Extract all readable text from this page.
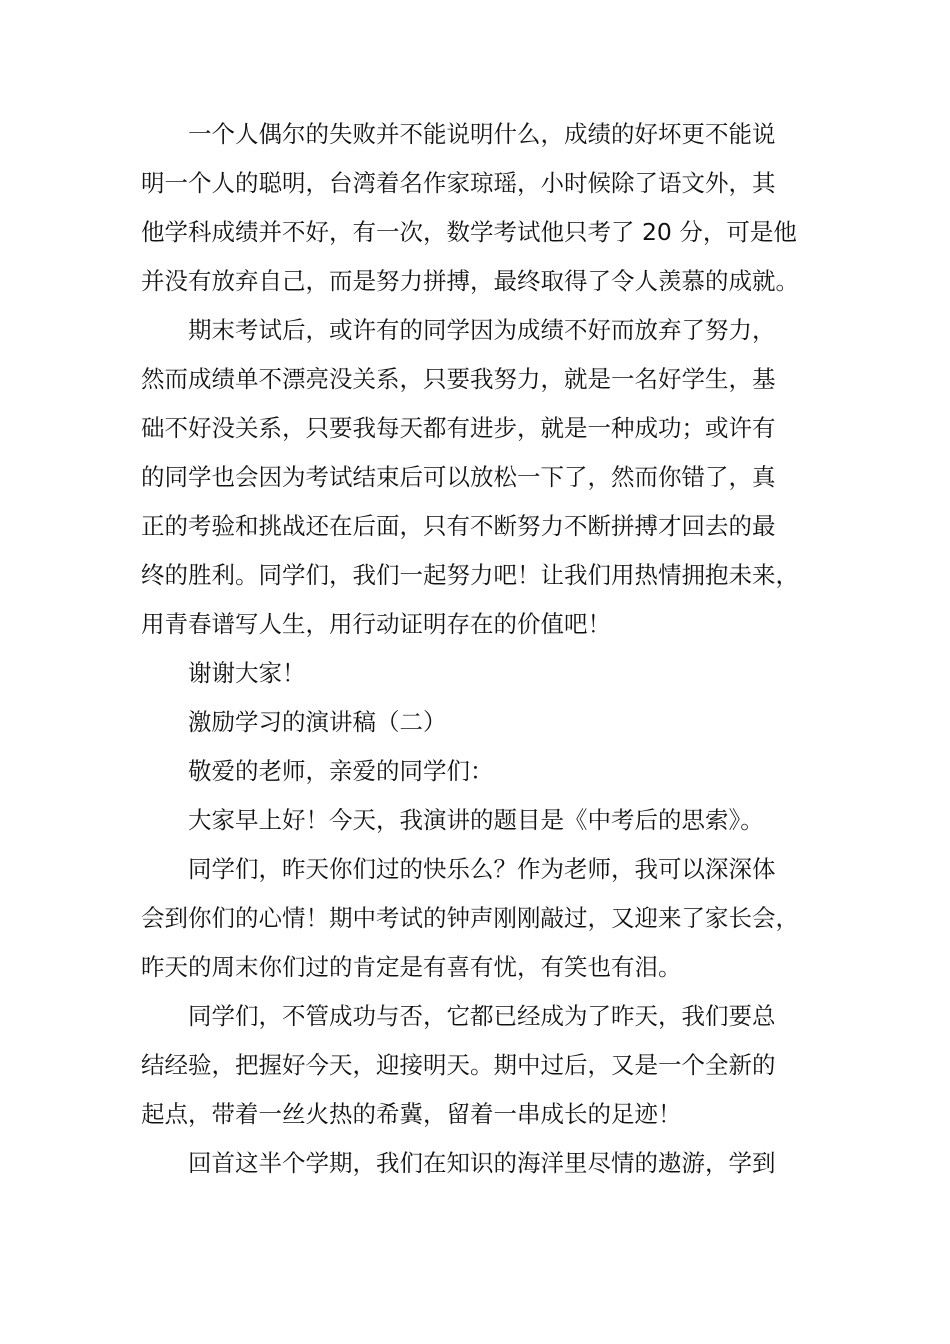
一个人偶尔的失败并不能说明什么，成绩的好坏更不能说
明一个人的聪明，台湾着名作家琼瑶，小时候除了语文外，其
他学科成绩并不好，有一次，数学考试他只考了 20 分，可是他
并没有放弃自己，而是努力拼搏，最终取得了令人羡慕的成就。
期末考试后，或许有的同学因为成绩不好而放弃了努力，
然而成绩单不漂亮没关系，只要我努力，就是一名好学生，基
础不好没关系，只要我每天都有进步，就是一种成功；或许有
的同学也会因为考试结束后可以放松一下了，然而你错了，真
正的考验和挑战还在后面，只有不断努力不断拼搏才回去的最
终的胜利。同学们，我们一起努力吧！让我们用热情拥抱未来，
用青春谱写人生，用行动证明存在的价值吧！
谢谢大家！
激励学习的演讲稿（二）
敬爱的老师，亲爱的同学们：
大家早上好！今天，我演讲的题目是《中考后的思索》。
同学们，昨天你们过的快乐么？作为老师，我可以深深体
会到你们的心情！期中考试的钟声刚刚敲过，又迎来了家长会，
昨天的周末你们过的肯定是有喜有忧，有笑也有泪。
同学们，不管成功与否，它都已经成为了昨天，我们要总
结经验，把握好今天，迎接明天。期中过后，又是一个全新的
起点，带着一丝火热的希冀，留着一串成长的足迹！
回首这半个学期，我们在知识的海洋里尽情的遨游，学到
